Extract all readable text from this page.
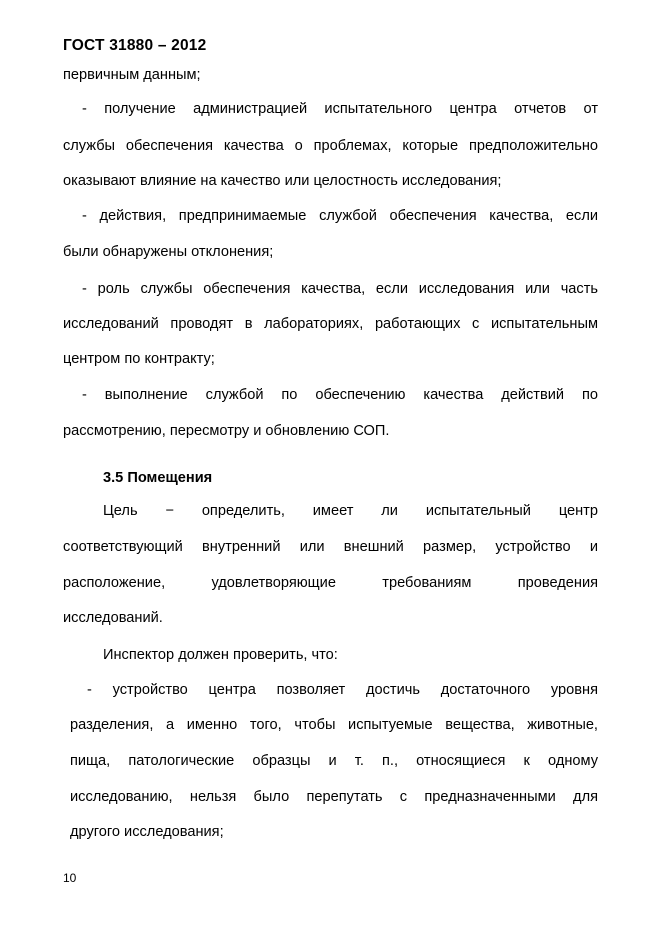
ГОСТ 31880 – 2012
первичным данным;
- получение администрацией испытательного центра отчетов от
службы обеспечения качества о проблемах, которые предположительно
оказывают влияние на качество или целостность исследования;
- действия, предпринимаемые службой обеспечения качества, если
были обнаружены отклонения;
- роль службы обеспечения качества, если исследования или часть
исследований проводят в лабораториях, работающих с испытательным
центром по контракту;
- выполнение службой по обеспечению качества действий по
рассмотрению, пересмотру и обновлению СОП.
3.5 Помещения
Цель − определить, имеет ли испытательный центр
соответствующий внутренний или внешний размер, устройство и
расположение, удовлетворяющие требованиям проведения
исследований.
Инспектор должен проверить, что:
- устройство центра позволяет достичь достаточного уровня
разделения, а именно того, чтобы испытуемые вещества, животные,
пища, патологические образцы и т. п., относящиеся к одному
исследованию, нельзя было перепутать с предназначенными для
другого исследования;
10
